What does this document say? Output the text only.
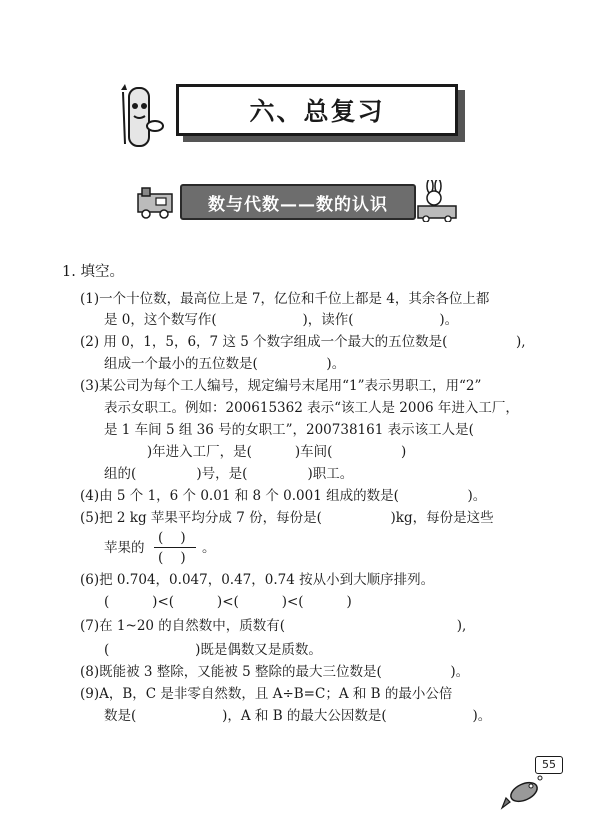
六、总复习
数与代数——数的认识
1. 填空。
(1)一个十位数，最高位上是 7，亿位和千位上都是 4，其余各位上都
是 0，这个数写作(                    )，读作(                    )。
(2) 用 0，1，5，6，7 这 5 个数字组成一个最大的五位数是(                ),
组成一个最小的五位数是(                )。
(3)某公司为每个工人编号，规定编号末尾用“1”表示男职工，用“2”
表示女职工。例如：200615362 表示“该工人是 2006 年进入工厂，
是 1 车间 5 组 36 号的女职工”，200738161 表示该工人是(
)年进入工厂，是(          )车间(                )
组的(              )号，是(              )职工。
(4)由 5 个 1，6 个 0.01 和 8 个 0.001 组成的数是(                )。
(5)把 2 kg 苹果平均分成 7 份，每份是(                )kg，每份是这些
苹果的
(    )
(    )
。
(6)把 0.704，0.047，0.47，0.74 按从小到大顺序排列。
(          )<(          )<(          )<(          )
(7)在 1~20 的自然数中，质数有(                                        ),
(                    )既是偶数又是质数。
(8)既能被 3 整除，又能被 5 整除的最大三位数是(                )。
(9)A，B，C 是非零自然数，且 A÷B=C；A 和 B 的最小公倍
数是(                    )，A 和 B 的最大公因数是(                    )。
55
